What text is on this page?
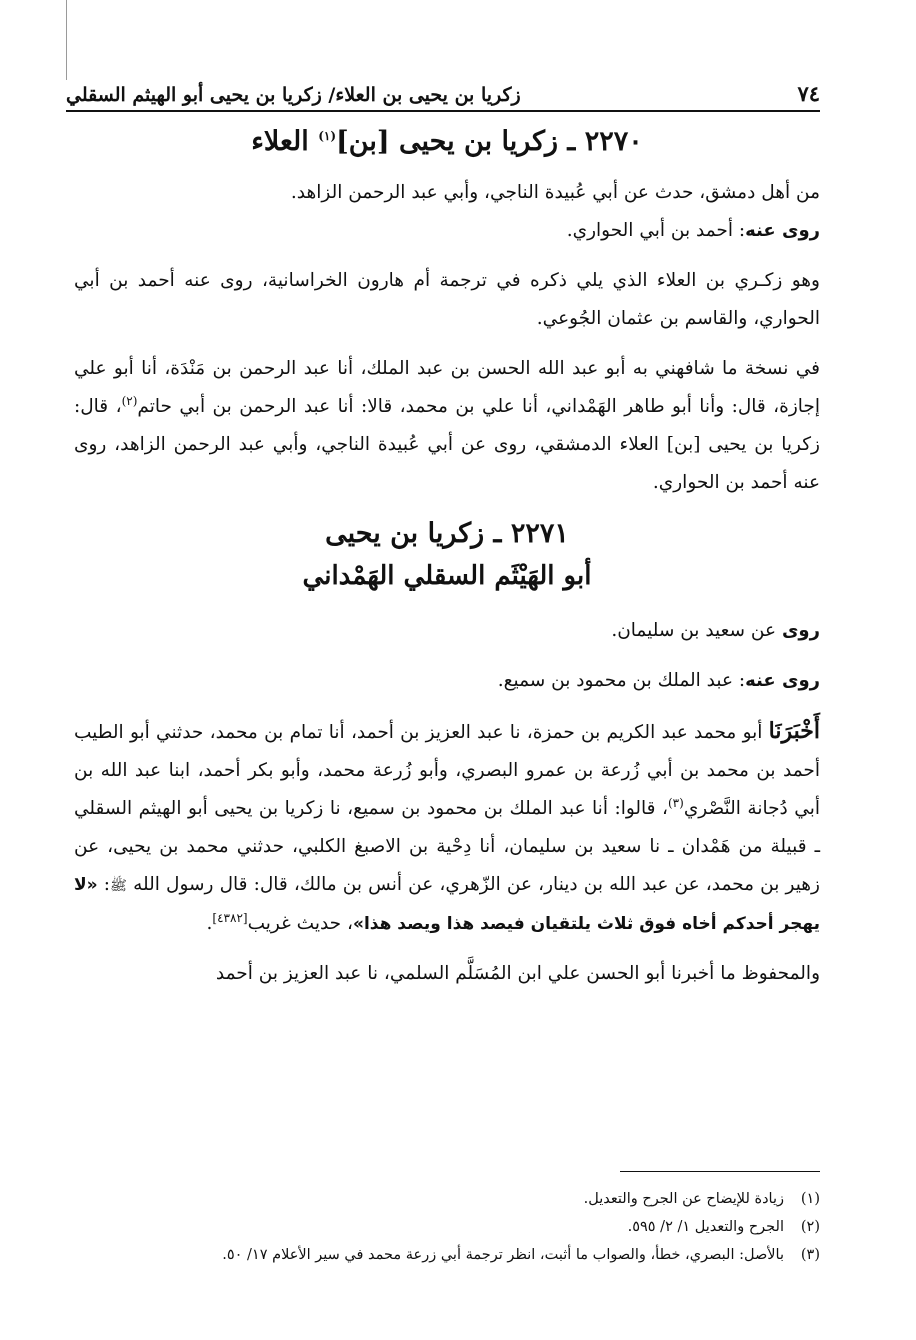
٧٤
زكريا بن يحيى بن العلاء/ زكريا بن يحيى أبو الهيثم السقلي
٢٢٧٠ ـ زكريا بن يحيى [بن]$^{(١)}$ العلاء

من أهل دمشق، حدث عن أبي عُبيدة الناجي، وأبي عبد الرحمن الزاهد.

روى عنه: أحمد بن أبي الحواري.

وهو زكـري بن العلاء الذي يلي ذكره في ترجمة أم هارون الخراسانية، روى عنه أحمد بن أبي الحواري، والقاسم بن عثمان الجُوعي.

في نسخة ما شافهني به أبو عبد الله الحسن بن عبد الملك، أنا عبد الرحمن بن مَنْدَة، أنا أبو علي إجازة، قال: وأنا أبو طاهر الهَمْداني، أنا علي بن محمد، قالا: أنا عبد الرحمن بن أبي حاتم$^{(٢)}$، قال: زكريا بن يحيى [بن] العلاء الدمشقي، روى عن أبي عُبيدة الناجي، وأبي عبد الرحمن الزاهد، روى عنه أحمد بن الحواري.

٢٢٧١ ـ زكريا بن يحيى
أبو الهَيْثَم السقلي الهَمْداني

روى عن سعيد بن سليمان.

روى عنه: عبد الملك بن محمود بن سميع.

أَخْبَرَنَا أبو محمد عبد الكريم بن حمزة، نا عبد العزيز بن أحمد، أنا تمام بن محمد، حدثني أبو الطيب أحمد بن محمد بن أبي زُرعة بن عمرو البصري، وأبو زُرعة محمد، وأبو بكر أحمد، ابنا عبد الله بن أبي دُجانة النَّصْري$^{(٣)}$، قالوا: أنا عبد الملك بن محمود بن سميع، نا زكريا بن يحيى أبو الهيثم السقلي ـ قبيلة من هَمْدان ـ نا سعيد بن سليمان، أنا دِحْية بن الاصبغ الكلبي، حدثني محمد بن يحيى، عن زهير بن محمد، عن عبد الله بن دينار، عن الزّهري، عن أنس بن مالك، قال: قال رسول الله ﷺ: «لا يهجر أحدكم أخاه فوق ثلاث يلتقيان فيصد هذا ويصد هذا»، حديث غريب[٤٣٨٢].

والمحفوظ ما أخبرنا أبو الحسن علي ابن المُسَلَّم السلمي، نا عبد العزيز بن أحمد

(١)
زيادة للإيضاح عن الجرح والتعديل.
(٢)
الجرح والتعديل ١/ ٢/ ٥٩٥.
(٣)
بالأصل: البصري، خطأ، والصواب ما أثبت، انظر ترجمة أبي زرعة محمد في سير الأعلام ١٧/ ٥٠.
